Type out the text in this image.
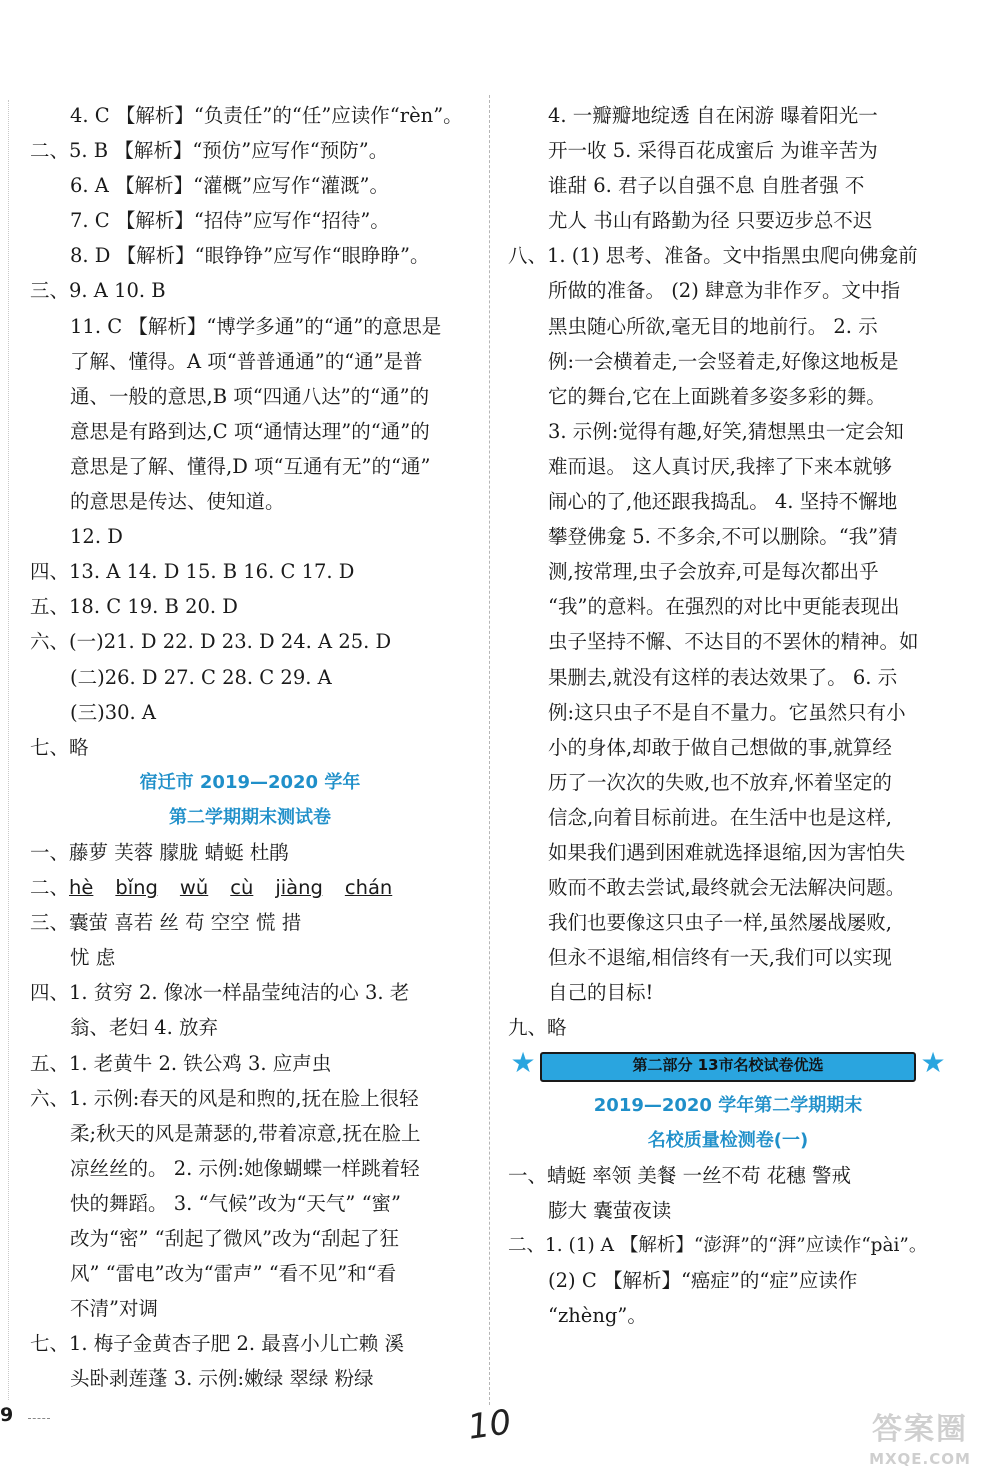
4. C 【解析】“负责任”的“任”应读作“rèn”。
二、5. B 【解析】“预仿”应写作“预防”。
6. A 【解析】“灌概”应写作“灌溉”。
7. C 【解析】“招侍”应写作“招待”。
8. D 【解析】“眼铮铮”应写作“眼睁睁”。
三、9. A 10. B
11. C 【解析】“博学多通”的“通”的意思是
了解、懂得。A 项“普普通通”的“通”是普
通、一般的意思,B 项“四通八达”的“通”的
意思是有路到达,C 项“通情达理”的“通”的
意思是了解、懂得,D 项“互通有无”的“通”
的意思是传达、使知道。
12. D
四、13. A 14. D 15. B 16. C 17. D
五、18. C 19. B 20. D
六、(一)21. D 22. D 23. D 24. A 25. D
(二)26. D 27. C 28. C 29. A
(三)30. A
七、略
宿迁市 2019—2020 学年
第二学期期末测试卷
一、藤萝 芙蓉 朦胧 蜻蜓 杜鹃
二、hè bǐng wǔ cù jiàng chán
三、囊萤 喜若 丝 苟 空空 慌 措
忧 虑
四、1. 贫穷 2. 像冰一样晶莹纯洁的心 3. 老
翁、老妇 4. 放弃
五、1. 老黄牛 2. 铁公鸡 3. 应声虫
六、1. 示例:春天的风是和煦的,抚在脸上很轻
柔;秋天的风是萧瑟的,带着凉意,抚在脸上
凉丝丝的。 2. 示例:她像蝴蝶一样跳着轻
快的舞蹈。 3. “气候”改为“天气” “蜜”
改为“密” “刮起了微风”改为“刮起了狂
风” “雷电”改为“雷声” “看不见”和“看
不清”对调
七、1. 梅子金黄杏子肥 2. 最喜小儿亡赖 溪
头卧剥莲蓬 3. 示例:嫩绿 翠绿 粉绿
4. 一瓣瓣地绽透 自在闲游 曝着阳光一
开一收 5. 采得百花成蜜后 为谁辛苦为
谁甜 6. 君子以自强不息 自胜者强 不
尤人 书山有路勤为径 只要迈步总不迟
八、1. (1) 思考、准备。文中指黑虫爬向佛龛前
所做的准备。 (2) 肆意为非作歹。文中指
黑虫随心所欲,毫无目的地前行。 2. 示
例:一会横着走,一会竖着走,好像这地板是
它的舞台,它在上面跳着多姿多彩的舞。
3. 示例:觉得有趣,好笑,猜想黑虫一定会知
难而退。 这人真讨厌,我摔了下来本就够
闹心的了,他还跟我捣乱。 4. 坚持不懈地
攀登佛龛 5. 不多余,不可以删除。“我”猜
测,按常理,虫子会放弃,可是每次都出乎
“我”的意料。在强烈的对比中更能表现出
虫子坚持不懈、不达目的不罢休的精神。如
果删去,就没有这样的表达效果了。 6. 示
例:这只虫子不是自不量力。它虽然只有小
小的身体,却敢于做自己想做的事,就算经
历了一次次的失败,也不放弃,怀着坚定的
信念,向着目标前进。在生活中也是这样,
如果我们遇到困难就选择退缩,因为害怕失
败而不敢去尝试,最终就会无法解决问题。
我们也要像这只虫子一样,虽然屡战屡败,
但永不退缩,相信终有一天,我们可以实现
自己的目标!
九、略
★	第二部分 13市名校试卷优选	★
2019—2020 学年第二学期期末
名校质量检测卷(一)
一、蜻蜓 率领 美餐 一丝不苟 花穗 警戒
膨大 囊萤夜读
二、1. (1) A 【解析】“澎湃”的“湃”应读作“pài”。
(2) C 【解析】“癌症”的“症”应读作
“zhèng”。
9	10	答案圈
MXQE.COM
